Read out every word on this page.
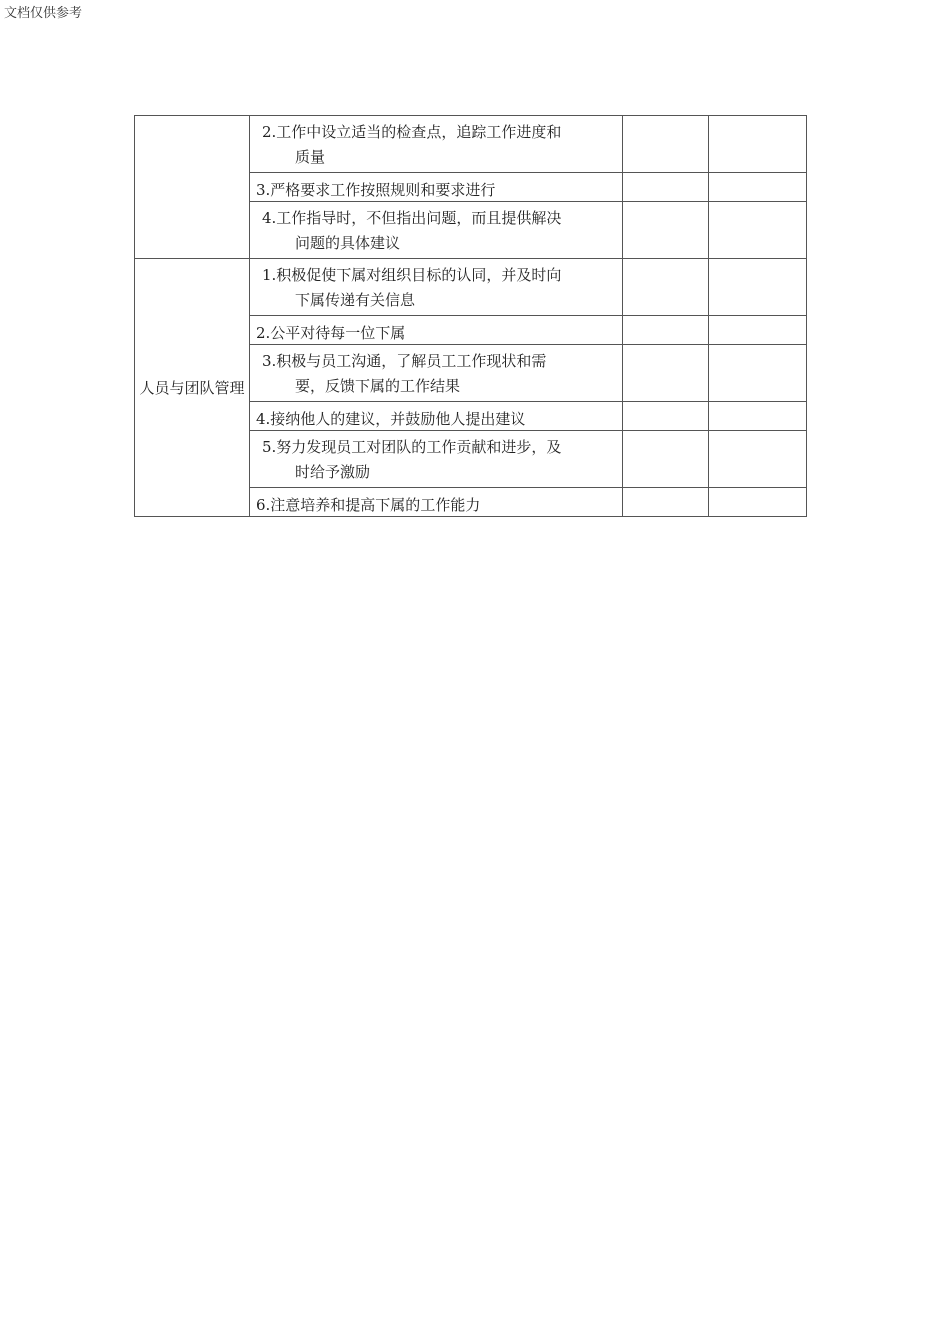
文档仅供参考

	2.工作中设立适当的检查点，追踪工作进度和
质量		

	3.严格要求工作按照规则和要求进行			

	4.工作指导时，不但指出问题，而且提供解决
问题的具体建议		

人员与团队管理	1.积极促使下属对组织目标的认同，并及时向
下属传递有关信息		

	2.公平对待每一位下属			

	3.积极与员工沟通，了解员工工作现状和需
要，反馈下属的工作结果		

	4.接纳他人的建议，并鼓励他人提出建议			

	5.努力发现员工对团队的工作贡献和进步，及
时给予激励		

	6.注意培养和提高下属的工作能力			
